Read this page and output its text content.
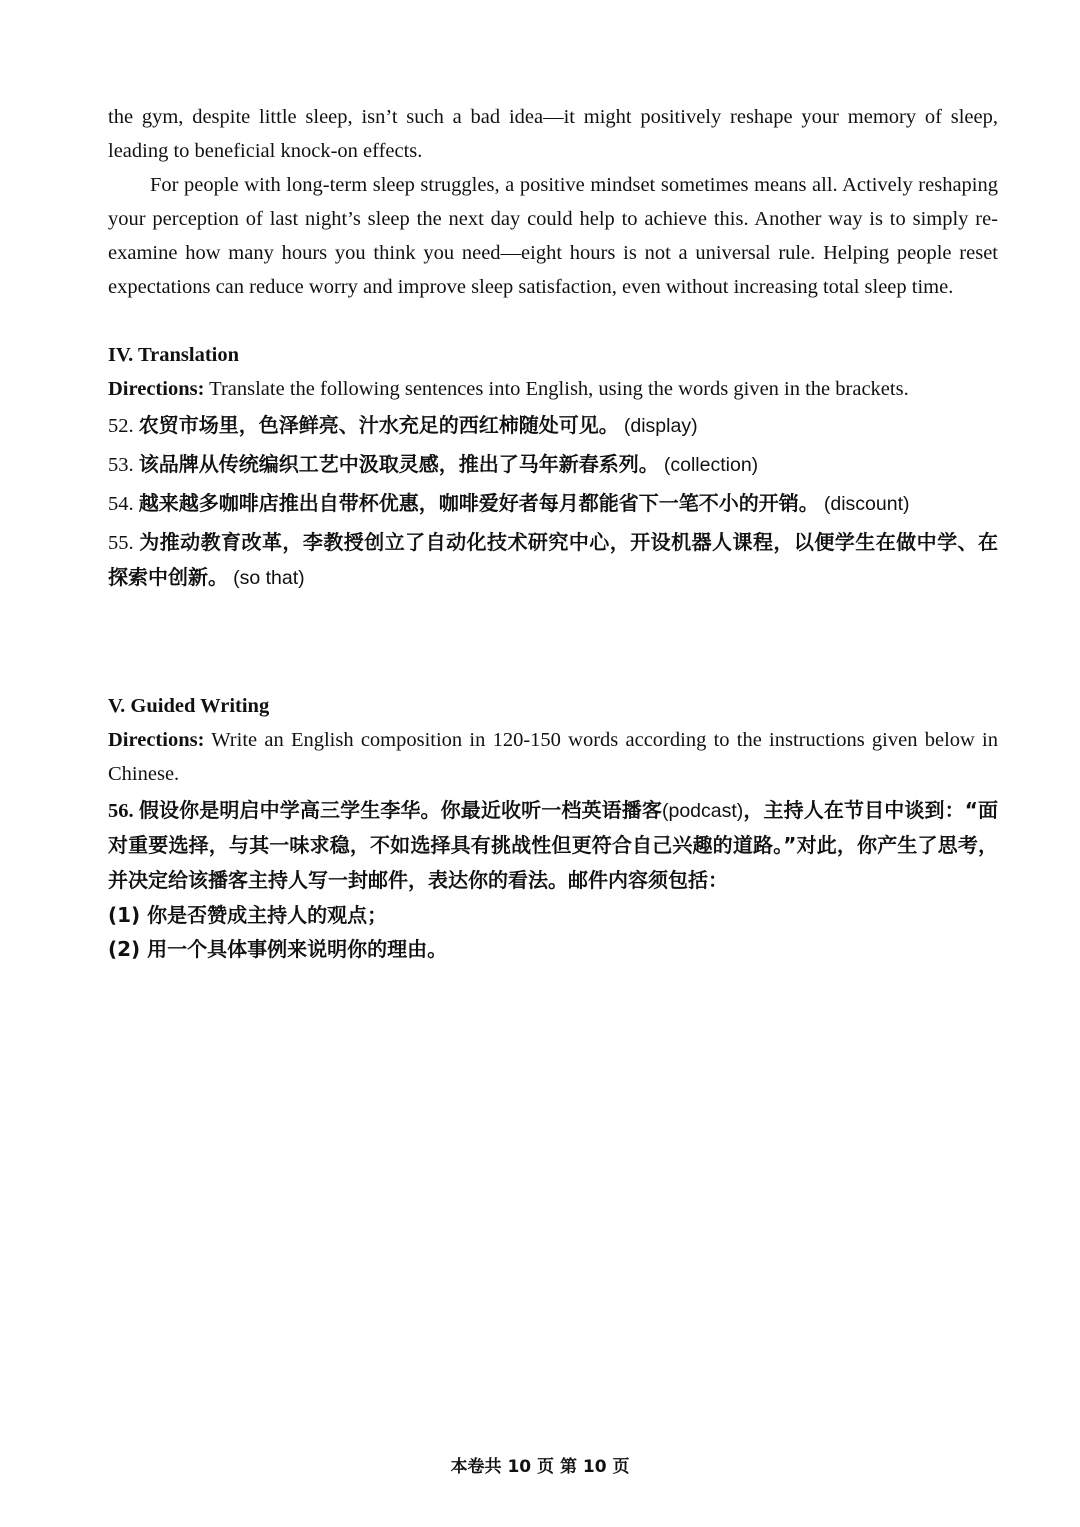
the gym, despite little sleep, isn’t such a bad idea—it might positively reshape your memory of sleep, leading to beneficial knock-on effects.

For people with long-term sleep struggles, a positive mindset sometimes means all. Actively reshaping your perception of last night’s sleep the next day could help to achieve this. Another way is to simply re-examine how many hours you think you need—eight hours is not a universal rule. Helping people reset expectations can reduce worry and improve sleep satisfaction, even without increasing total sleep time.

IV. Translation

Directions: Translate the following sentences into English, using the words given in the brackets.

52. 农贸市场里，色泽鲜亮、汁水充足的西红柿随处可见。 (display)

53. 该品牌从传统编织工艺中汲取灵感，推出了马年新春系列。 (collection)

54. 越来越多咖啡店推出自带杯优惠，咖啡爱好者每月都能省下一笔不小的开销。 (discount)

55. 为推动教育改革，李教授创立了自动化技术研究中心，开设机器人课程，以便学生在做中学、在探索中创新。 (so that)

V. Guided Writing

Directions: Write an English composition in 120-150 words according to the instructions given below in Chinese.

56. 假设你是明启中学高三学生李华。你最近收听一档英语播客(podcast)，主持人在节目中谈到：“面对重要选择，与其一味求稳，不如选择具有挑战性但更符合自己兴趣的道路。”对此，你产生了思考，并决定给该播客主持人写一封邮件，表达你的看法。邮件内容须包括：

(1) 你是否赞成主持人的观点；

(2) 用一个具体事例来说明你的理由。

本卷共 10 页 第 10 页
